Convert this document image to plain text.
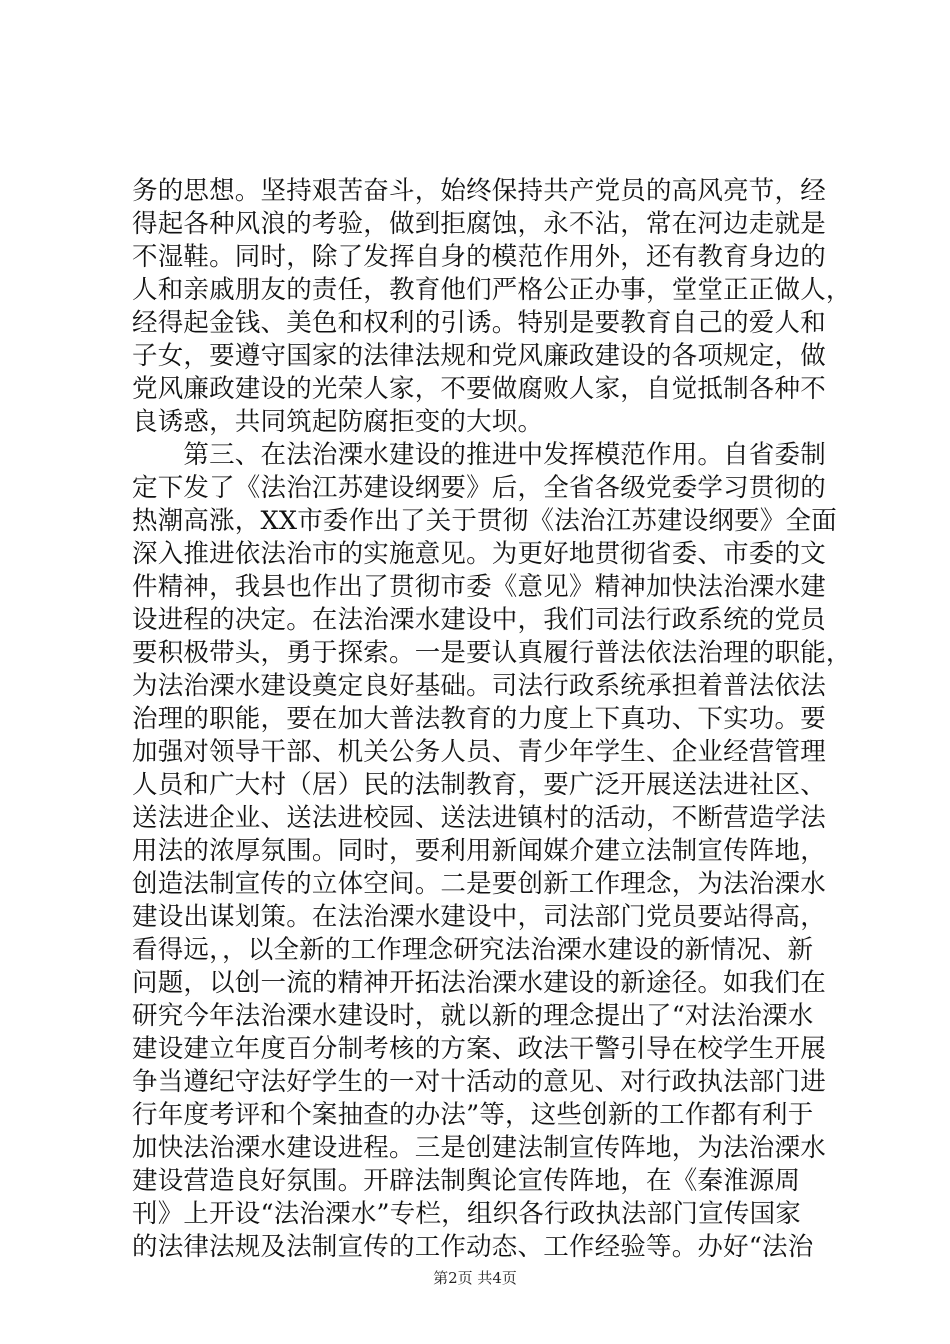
务的思想。坚持艰苦奋斗，始终保持共产党员的高风亮节，经
得起各种风浪的考验，做到拒腐蚀，永不沾，常在河边走就是
不湿鞋。同时，除了发挥自身的模范作用外，还有教育身边的
人和亲戚朋友的责任，教育他们严格公正办事，堂堂正正做人，
经得起金钱、美色和权利的引诱。特别是要教育自己的爱人和
子女，要遵守国家的法律法规和党风廉政建设的各项规定，做
党风廉政建设的光荣人家，不要做腐败人家，自觉抵制各种不
良诱惑，共同筑起防腐拒变的大坝。
　　第三、在法治溧水建设的推进中发挥模范作用。自省委制
定下发了《法治江苏建设纲要》后，全省各级党委学习贯彻的
热潮高涨，XX市委作出了关于贯彻《法治江苏建设纲要》全面
深入推进依法治市的实施意见。为更好地贯彻省委、市委的文
件精神，我县也作出了贯彻市委《意见》精神加快法治溧水建
设进程的决定。在法治溧水建设中，我们司法行政系统的党员
要积极带头，勇于探索。一是要认真履行普法依法治理的职能，
为法治溧水建设奠定良好基础。司法行政系统承担着普法依法
治理的职能，要在加大普法教育的力度上下真功、下实功。要
加强对领导干部、机关公务人员、青少年学生、企业经营管理
人员和广大村（居）民的法制教育，要广泛开展送法进社区、
送法进企业、送法进校园、送法进镇村的活动，不断营造学法
用法的浓厚氛围。同时，要利用新闻媒介建立法制宣传阵地，
创造法制宣传的立体空间。二是要创新工作理念，为法治溧水
建设出谋划策。在法治溧水建设中，司法部门党员要站得高，
看得远，，以全新的工作理念研究法治溧水建设的新情况、新
问题，以创一流的精神开拓法治溧水建设的新途径。如我们在
研究今年法治溧水建设时，就以新的理念提出了“对法治溧水
建设建立年度百分制考核的方案、政法干警引导在校学生开展
争当遵纪守法好学生的一对十活动的意见、对行政执法部门进
行年度考评和个案抽查的办法”等，这些创新的工作都有利于
加快法治溧水建设进程。三是创建法制宣传阵地，为法治溧水
建设营造良好氛围。开辟法制舆论宣传阵地，在《秦淮源周
刊》上开设“法治溧水”专栏，组织各行政执法部门宣传国家
的法律法规及法制宣传的工作动态、工作经验等。办好“法治
第2页 共4页
